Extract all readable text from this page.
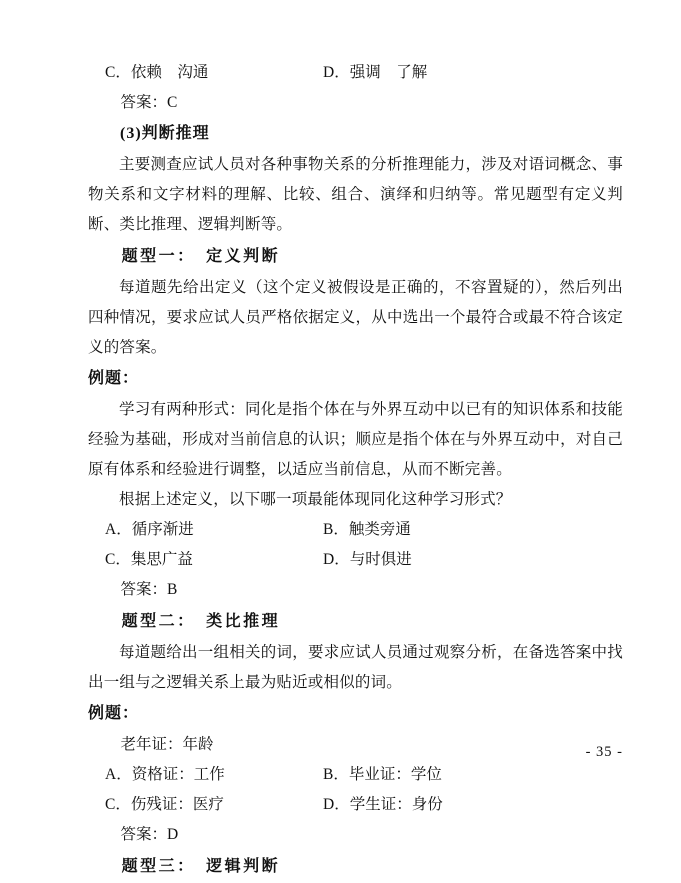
C．依赖　沟通	D．强调　了解
答案：C
(3)判断推理
主要测查应试人员对各种事物关系的分析推理能力，涉及对语词概念、事物关系和文字材料的理解、比较、组合、演绎和归纳等。常见题型有定义判断、类比推理、逻辑判断等。
题型一：　定义判断
每道题先给出定义（这个定义被假设是正确的，不容置疑的），然后列出四种情况，要求应试人员严格依据定义，从中选出一个最符合或最不符合该定义的答案。
例题：
学习有两种形式：同化是指个体在与外界互动中以已有的知识体系和技能经验为基础，形成对当前信息的认识；顺应是指个体在与外界互动中，对自己原有体系和经验进行调整，以适应当前信息，从而不断完善。
根据上述定义，以下哪一项最能体现同化这种学习形式？
A．循序渐进	B．触类旁通
C．集思广益	D．与时俱进
答案：B
题型二：　类比推理
每道题给出一组相关的词，要求应试人员通过观察分析，在备选答案中找出一组与之逻辑关系上最为贴近或相似的词。
例题：
老年证：年龄
A．资格证：工作	B．毕业证：学位
C．伤残证：医疗	D．学生证：身份
答案：D
题型三：　逻辑判断
- 35 -
